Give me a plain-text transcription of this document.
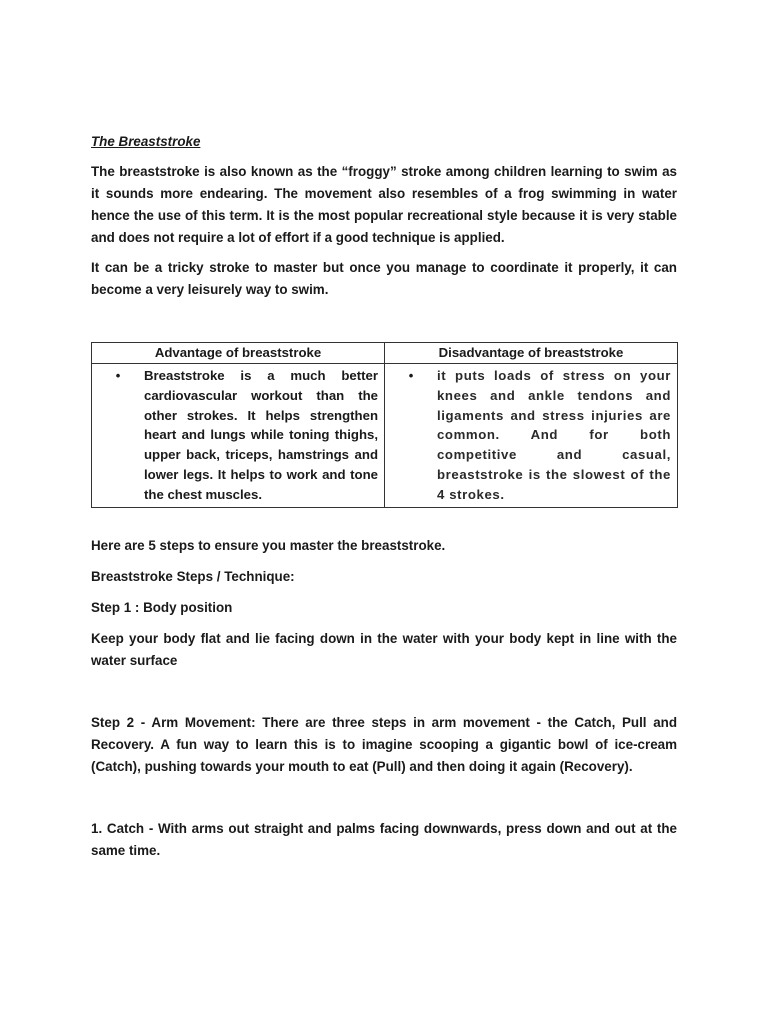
The Breaststroke

The breaststroke is also known as the “froggy” stroke among children learning to swim as it sounds more endearing. The movement also resembles of a frog swimming in water hence the use of this term. It is the most popular recreational style because it is very stable and does not require a lot of effort if a good technique is applied.

It can be a tricky stroke to master but once you manage to coordinate it properly, it can become a very leisurely way to swim.

Advantage of breaststroke	Disadvantage of breaststroke

• Breaststroke is a much better cardiovascular workout than the other strokes. It helps strengthen heart and lungs while toning thighs, upper back, triceps, hamstrings and lower legs. It helps to work and tone the chest muscles.	• it puts loads of stress on your knees and ankle tendons and ligaments and stress injuries are common. And for both competitive and casual, breaststroke is the slowest of the 4 strokes.

Here are 5 steps to ensure you master the breaststroke.

Breaststroke Steps / Technique:

Step 1 : Body position

Keep your body flat and lie facing down in the water with your body kept in line with the water surface

Step 2 - Arm Movement: There are three steps in arm movement - the Catch, Pull and Recovery. A fun way to learn this is to imagine scooping a gigantic bowl of ice-cream (Catch), pushing towards your mouth to eat (Pull) and then doing it again (Recovery).

1. Catch - With arms out straight and palms facing downwards, press down and out at the same time.
